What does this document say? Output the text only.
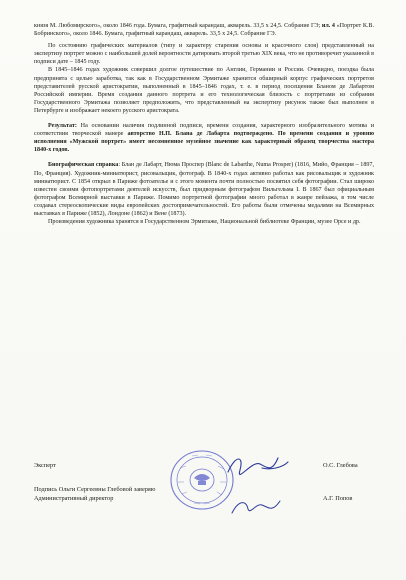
князя М. Любомирского», около 1846 года. Бумага, графитный карандаш, акварель. 33,5 x 24,5. Собрание ГЭ; ил. 4 «Портрет К.В. Бобринского», около 1846. Бумага, графитный карандаш, акварель. 33,5 x 24,5. Собрание ГЭ.

По состоянию графических материалов (типу и характеру старения основы и красочного слоя) представленный на экспертизу портрет можно с наибольшей долей вероятности датировать второй третью XIX века, что не противоречит указанной в подписи дате – 1845 году.

В 1845–1846 годах художник совершил долгое путешествие по Англии, Германии и России. Очевидно, поездка была предпринята с целью заработка, так как в Государственном Эрмитаже хранится обширный корпус графических портретов представителей русской аристократии, выполненный в 1845–1846 годах, т. е. в период посещения Бланом де Лабартом Российской империи. Время создания данного портрета и его технологическая близость с портретами из собрания Государственного Эрмитажа позволяет предположить, что представленный на экспертизу рисунок также был выполнен в Петербурге и изображает некоего русского аристократа.

Результат: На основании наличия подлинной подписи, времени создания, характерного изобразительного мотива и соответствия творческой манере авторство Н.П. Блана де Лабарта подтверждено. По времени создания и уровню исполнения «Мужской портрет» имеет несомненное музейное значение как характерный образец творчества мастера 1840-х годов.

Биографическая справка: Блан де Лабарт, Нюма Проспер (Blanc de Labarthe, Numa Prosper) (1816, Мийо, Франция – 1897, По, Франция). Художник-миниатюрист, рисовальщик, фотограф. В 1840-х годах активно работал как рисовальщик и художник миниатюрист. С 1854 открыл в Париже фотоателье и с этого момента почти полностью посвятил себя фотографии. Стал широко известен своими фотопортретами деятелей искусств, был придворным фотографом Вильгельма I. В 1867 был официальным фотографом Всемирной выставки в Париже. Помимо портретной фотографии много работал в жанре пейзажа, в том числе создавал стереоскопические виды европейских достопримечательностей. Его работы были отмечены медалями на Всемирных выставках в Париже (1852), Лондоне (1862) и Вене (1873).

Произведения художника хранятся в Государственном Эрмитаже, Национальной библиотеке Франции, музее Орсе и др.

Эксперт	О.С. Глебова
Подпись Ольги Сергеевны Глебовой заверяю
Административный директор	А.Г. Попов
